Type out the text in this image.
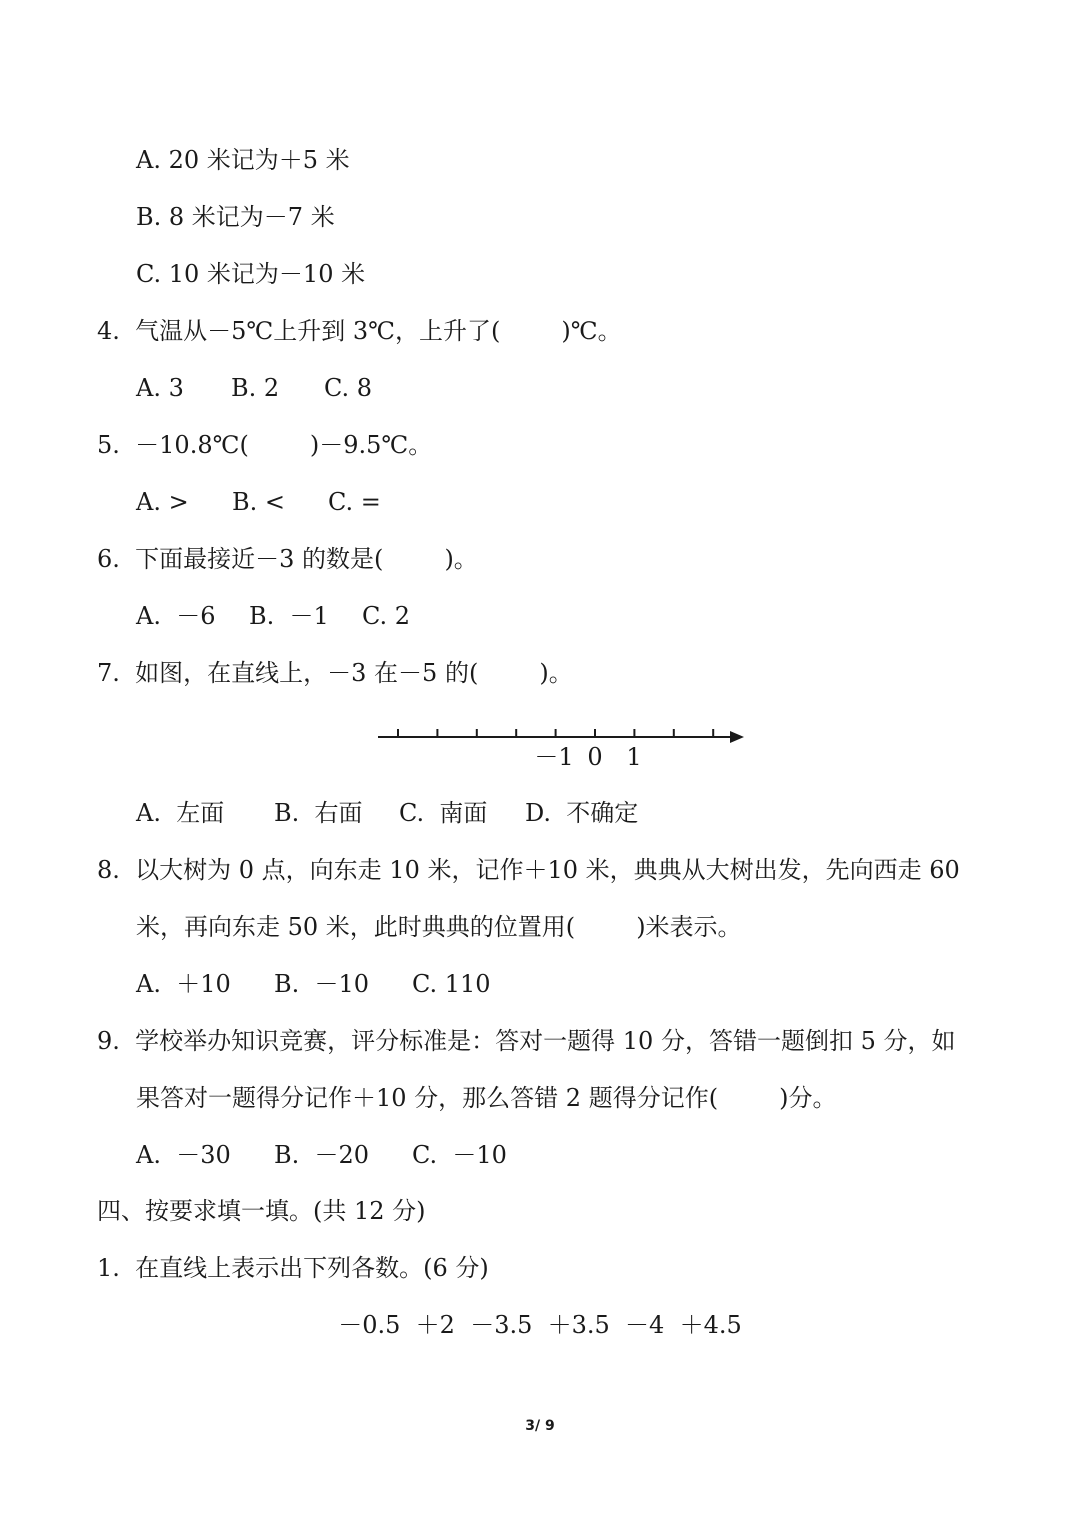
A. 20 米记为＋5 米
B. 8 米记为－7 米
C. 10 米记为－10 米
4.  气温从－5℃上升到 3℃，上升了(        )℃。
A. 3	B. 2	C. 8
5.  －10.8℃(        )－9.5℃。
A. >	B. <	C. =
6.  下面最接近－3 的数是(        )。
A.  －6	B.  －1	C. 2
7.  如图，在直线上，－3 在－5 的(        )。
－1 0 1
A.  左面	B.  右面	C.  南面	D.  不确定
8.  以大树为 0 点，向东走 10 米，记作＋10 米，典典从大树出发，先向西走 60
米，再向东走 50 米，此时典典的位置用(        )米表示。
A.  ＋10	B.  －10	C. 110
9.  学校举办知识竞赛，评分标准是：答对一题得 10 分，答错一题倒扣 5 分，如
果答对一题得分记作＋10 分，那么答错 2 题得分记作(        )分。
A.  －30	B.  －20	C.  －10
四、按要求填一填。(共 12 分)
1.  在直线上表示出下列各数。(6 分)
－0.5  ＋2  －3.5  ＋3.5  －4  ＋4.5
3/ 9
